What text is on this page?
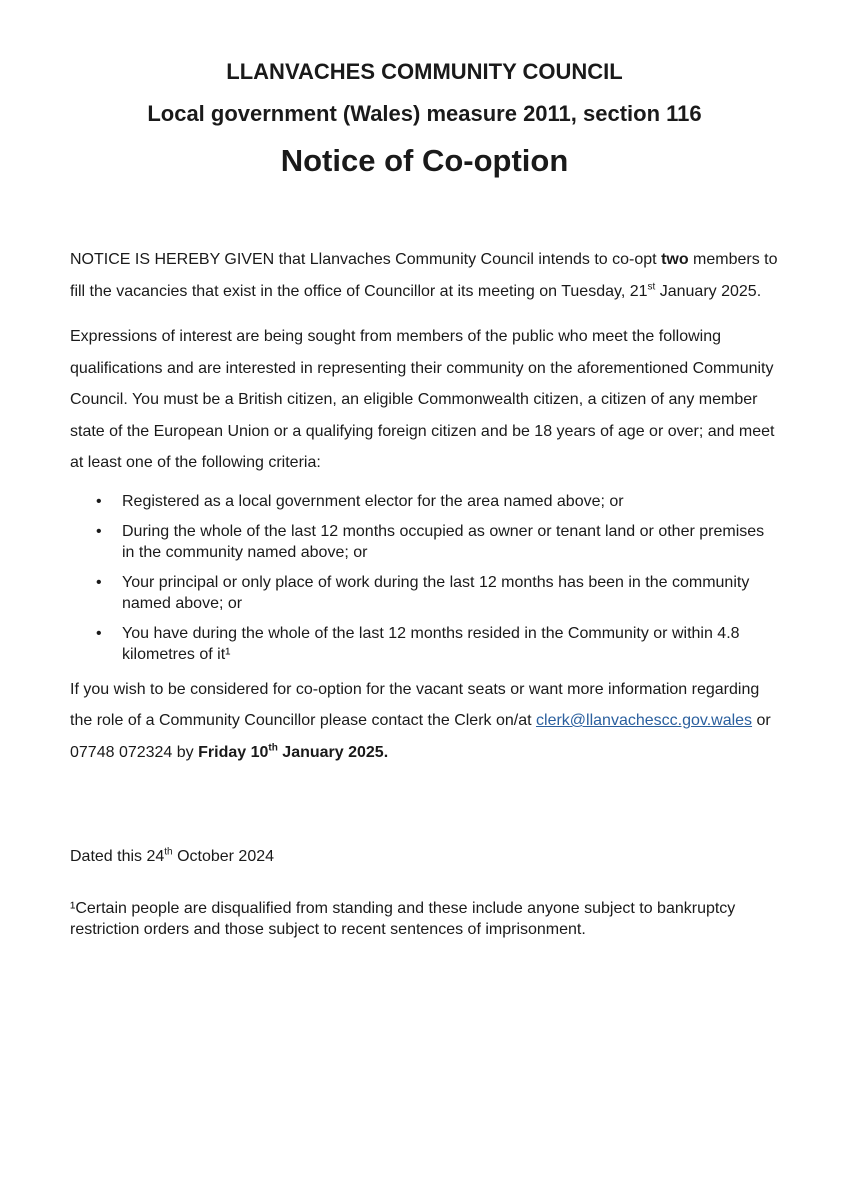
LLANVACHES COMMUNITY COUNCIL
Local government (Wales) measure 2011, section 116
Notice of Co-option

NOTICE IS HEREBY GIVEN that Llanvaches Community Council intends to co-opt two members to fill the vacancies that exist in the office of Councillor at its meeting on Tuesday, 21st January 2025.

Expressions of interest are being sought from members of the public who meet the following qualifications and are interested in representing their community on the aforementioned Community Council. You must be a British citizen, an eligible Commonwealth citizen, a citizen of any member state of the European Union or a qualifying foreign citizen and be 18 years of age or over; and meet at least one of the following criteria:

• Registered as a local government elector for the area named above; or
• During the whole of the last 12 months occupied as owner or tenant land or other premises in the community named above; or
• Your principal or only place of work during the last 12 months has been in the community named above; or
• You have during the whole of the last 12 months resided in the Community or within 4.8 kilometres of it¹

If you wish to be considered for co-option for the vacant seats or want more information regarding the role of a Community Councillor please contact the Clerk on/at clerk@llanvachescc.gov.wales or 07748 072324 by Friday 10th January 2025.

Dated this 24th October 2024

¹Certain people are disqualified from standing and these include anyone subject to bankruptcy restriction orders and those subject to recent sentences of imprisonment.
